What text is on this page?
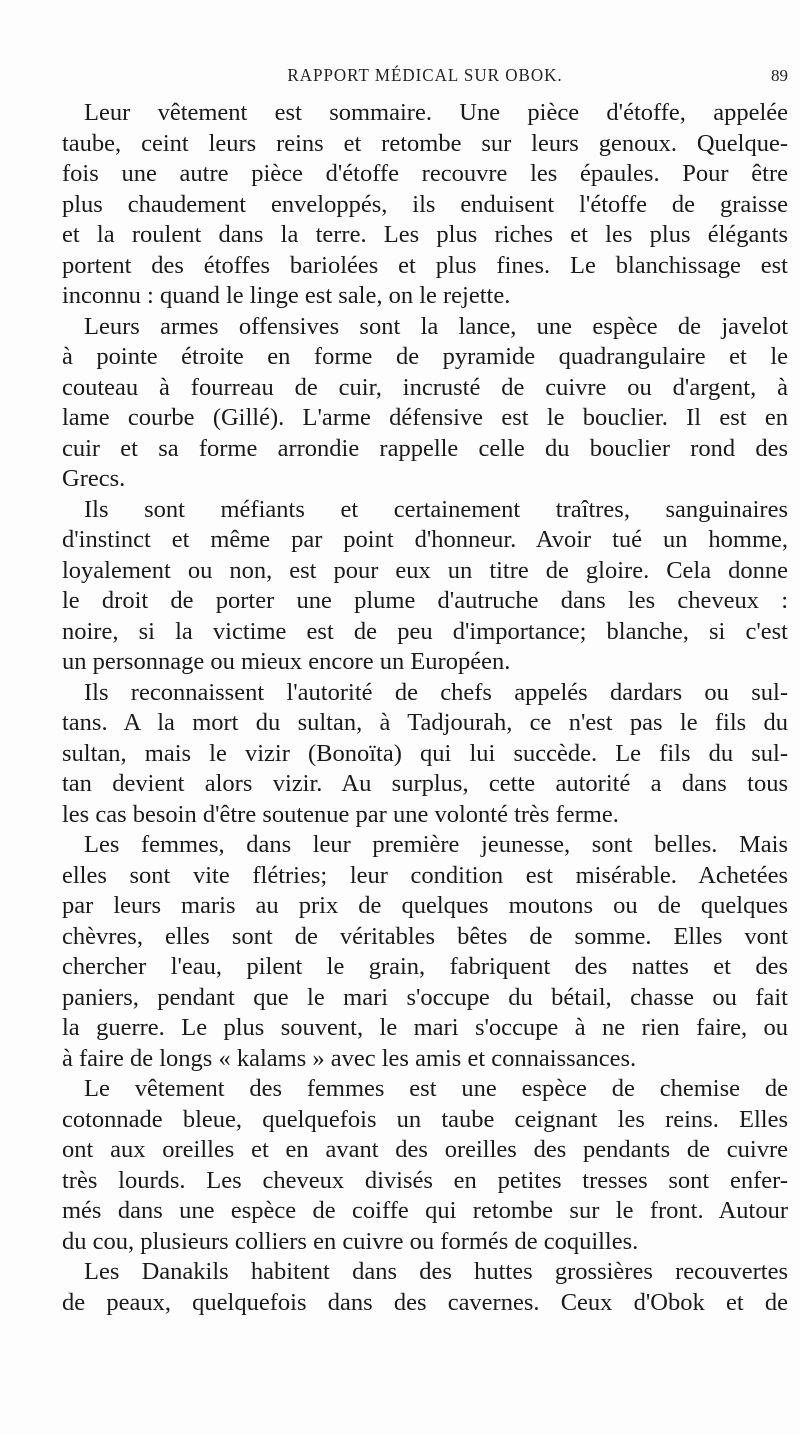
RAPPORT MÉDICAL SUR OBOK.	89
Leur vêtement est sommaire. Une pièce d'étoffe, appelée
taube, ceint leurs reins et retombe sur leurs genoux. Quelque-
fois une autre pièce d'étoffe recouvre les épaules. Pour être
plus chaudement enveloppés, ils enduisent l'étoffe de graisse
et la roulent dans la terre. Les plus riches et les plus élégants
portent des étoffes bariolées et plus fines. Le blanchissage est
inconnu : quand le linge est sale, on le rejette.
Leurs armes offensives sont la lance, une espèce de javelot
à pointe étroite en forme de pyramide quadrangulaire et le
couteau à fourreau de cuir, incrusté de cuivre ou d'argent, à
lame courbe (Gillé). L'arme défensive est le bouclier. Il est en
cuir et sa forme arrondie rappelle celle du bouclier rond des
Grecs.
Ils sont méfiants et certainement traîtres, sanguinaires
d'instinct et même par point d'honneur. Avoir tué un homme,
loyalement ou non, est pour eux un titre de gloire. Cela donne
le droit de porter une plume d'autruche dans les cheveux :
noire, si la victime est de peu d'importance; blanche, si c'est
un personnage ou mieux encore un Européen.
Ils reconnaissent l'autorité de chefs appelés dardars ou sul-
tans. A la mort du sultan, à Tadjourah, ce n'est pas le fils du
sultan, mais le vizir (Bonoïta) qui lui succède. Le fils du sul-
tan devient alors vizir. Au surplus, cette autorité a dans tous
les cas besoin d'être soutenue par une volonté très ferme.
Les femmes, dans leur première jeunesse, sont belles. Mais
elles sont vite flétries; leur condition est misérable. Achetées
par leurs maris au prix de quelques moutons ou de quelques
chèvres, elles sont de véritables bêtes de somme. Elles vont
chercher l'eau, pilent le grain, fabriquent des nattes et des
paniers, pendant que le mari s'occupe du bétail, chasse ou fait
la guerre. Le plus souvent, le mari s'occupe à ne rien faire, ou
à faire de longs « kalams » avec les amis et connaissances.
Le vêtement des femmes est une espèce de chemise de
cotonnade bleue, quelquefois un taube ceignant les reins. Elles
ont aux oreilles et en avant des oreilles des pendants de cuivre
très lourds. Les cheveux divisés en petites tresses sont enfer-
més dans une espèce de coiffe qui retombe sur le front. Autour
du cou, plusieurs colliers en cuivre ou formés de coquilles.
Les Danakils habitent dans des huttes grossières recouvertes
de peaux, quelquefois dans des cavernes. Ceux d'Obok et de
